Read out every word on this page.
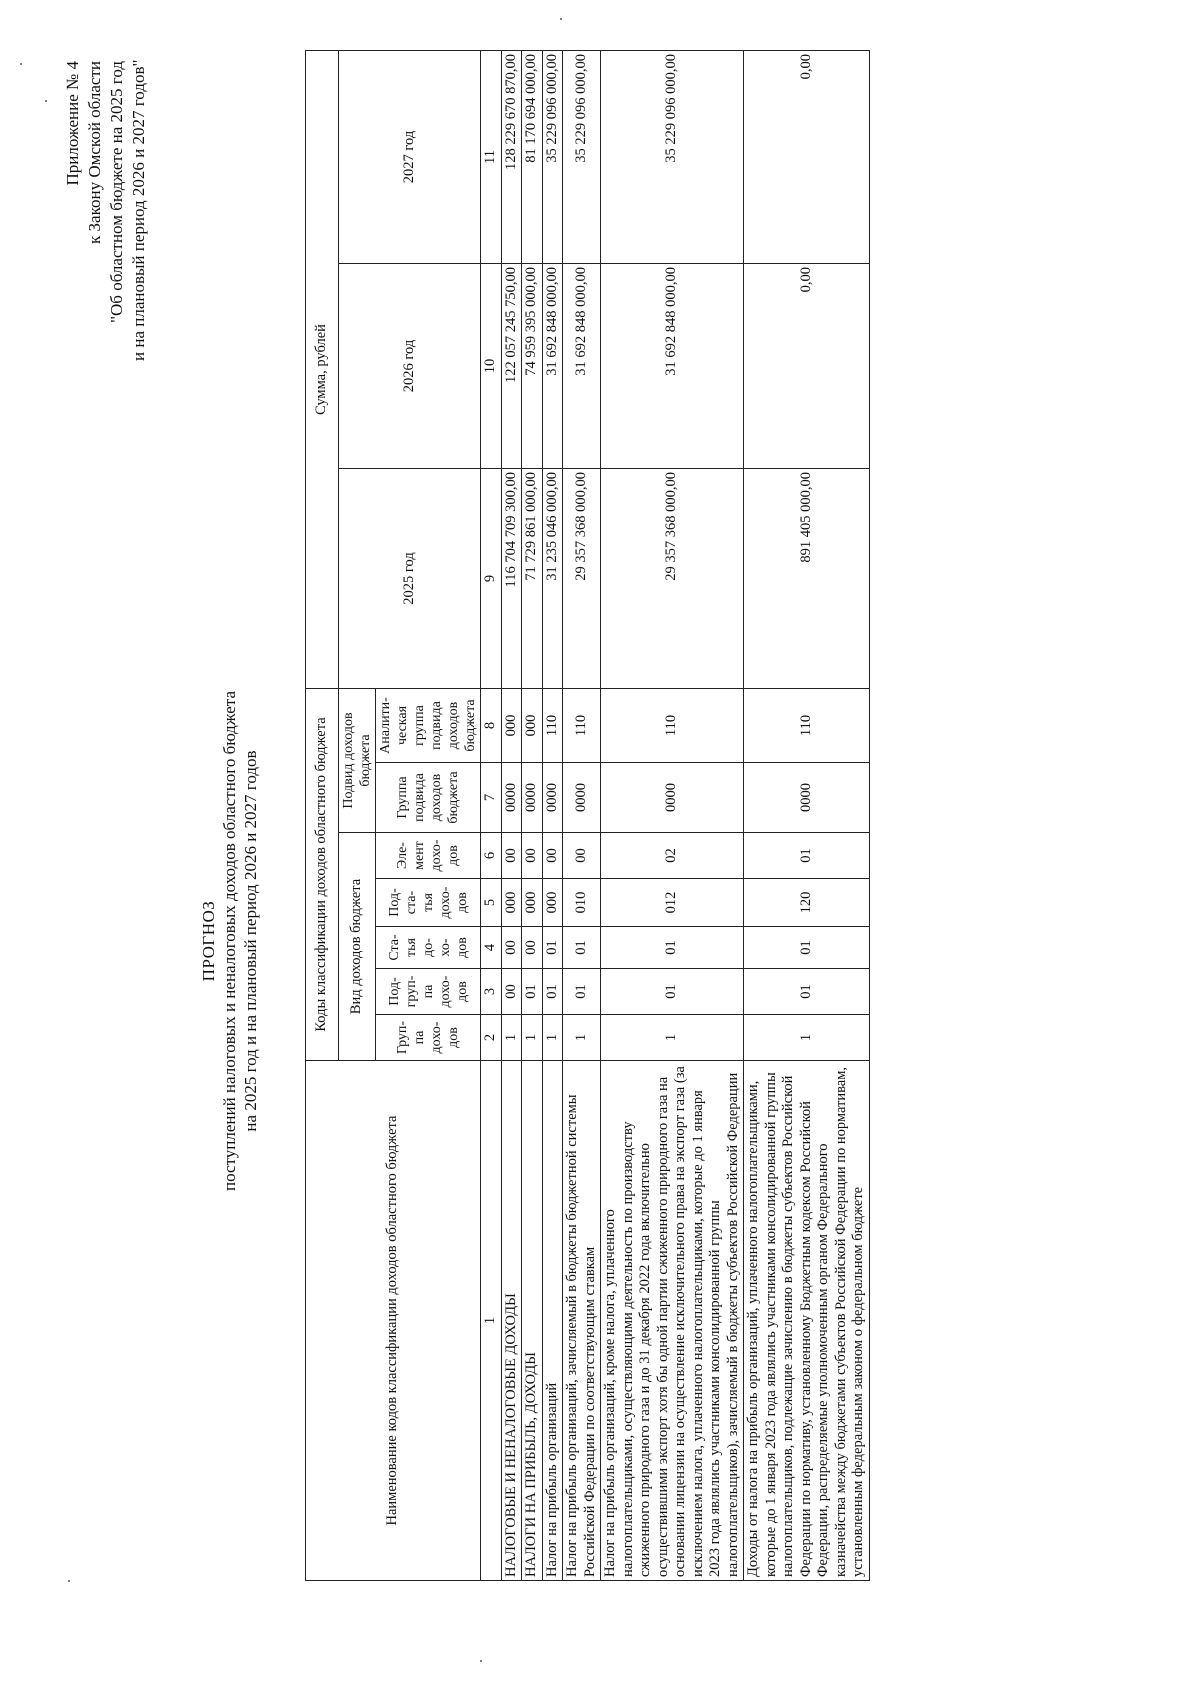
Приложение № 4 к Закону Омской области "Об областном бюджете на 2025 год и на плановый период 2026 и 2027 годов"
ПРОГНОЗ поступлений налоговых и неналоговых доходов областного бюджета на 2025 год и на плановый период 2026 и 2027 годов
Наименование кодов классификации доходов областного бюджета	Коды классификации доходов областного бюджета							Сумма, рублей		
	Вид доходов бюджета					Подвид доходов бюджета		2025 год	2026 год	2027 год
	Груп- па дохо- дов	Под- груп- па дохо- дов	Ста- тья до- хо- дов	Под- ста- тья дохо- дов	Эле- мент дохо- дов	Группа подвида доходов бюджета	Аналити- ческая группа подвида доходов бюджета			
1	2	3	4	5	6	7	8	9	10	11
НАЛОГОВЫЕ И НЕНАЛОГОВЫЕ ДОХОДЫ	1	00	00	000	00	0000	000	116 704 709 300,00	122 057 245 750,00	128 229 670 870,00
НАЛОГИ НА ПРИБЫЛЬ, ДОХОДЫ	1	01	00	000	00	0000	000	71 729 861 000,00	74 959 395 000,00	81 170 694 000,00
Налог на прибыль организаций	1	01	01	000	00	0000	110	31 235 046 000,00	31 692 848 000,00	35 229 096 000,00
Налог на прибыль организаций, зачисляемый в бюджеты бюджетной системы Российской Федерации по соответствующим ставкам	1	01	01	010	00	0000	110	29 357 368 000,00	31 692 848 000,00	35 229 096 000,00
Налог на прибыль организаций, кроме налога, уплаченного налогоплательщиками, осуществляющими деятельность по производству сжиженного природного газа и до 31 декабря 2022 года включительно осуществившими экспорт хотя бы одной партии сжиженного природного газа на основании лицензии на осуществление исключительного права на экспорт газа (за исключением налога, уплаченного налогоплательщиками, которые до 1 января 2023 года являлись участниками консолидированной группы налогоплательщиков), зачисляемый в бюджеты субъектов Российской Федерации	1	01	01	012	02	0000	110	29 357 368 000,00	31 692 848 000,00	35 229 096 000,00
Доходы от налога на прибыль организаций, уплаченного налогоплательщиками, которые до 1 января 2023 года являлись участниками консолидированной группы налогоплательщиков, подлежащие зачислению в бюджеты субъектов Российской Федерации по нормативу, установленному Бюджетным кодексом Российской Федерации, распределяемые уполномоченным органом Федерального казначейства между бюджетами субъектов Российской Федерации по нормативам, установленным федеральным законом о федеральном бюджете	1	01	01	120	01	0000	110	891 405 000,00	0,00	0,00
